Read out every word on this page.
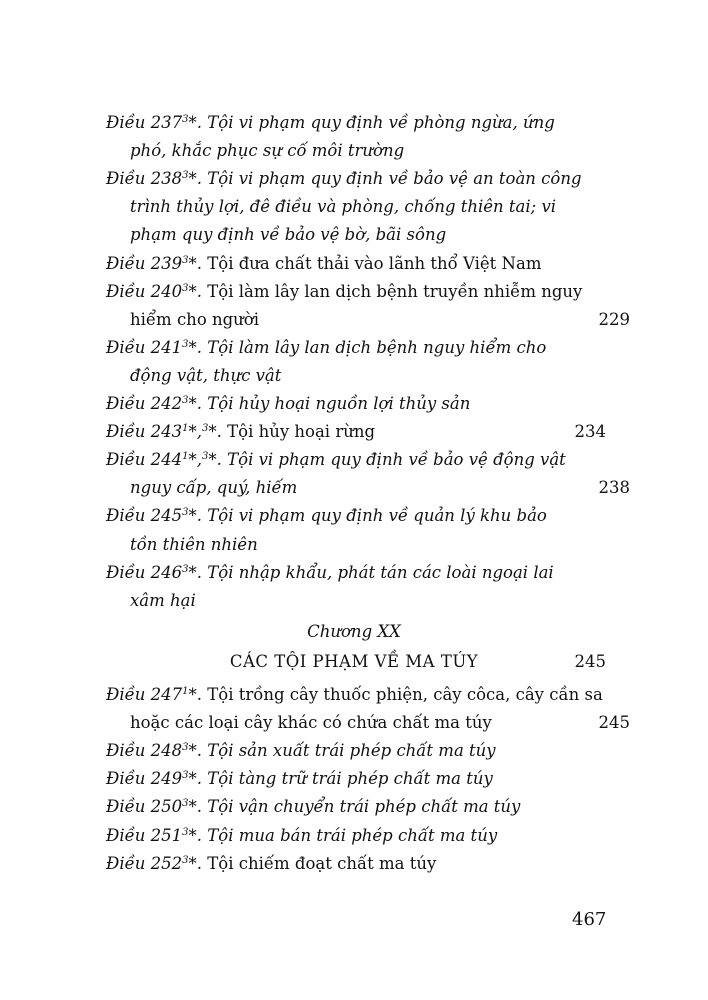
Điều $237^3*$. Tội vi phạm quy định về phòng ngừa, ứng
phó, khắc phục sự cố môi trường
Điều $238^3*$. Tội vi phạm quy định về bảo vệ an toàn công
trình thủy lợi, đê điều và phòng, chống thiên tai; vi
phạm quy định về bảo vệ bờ, bãi sông
Điều $239^3*$. Tội đưa chất thải vào lãnh thổ Việt Nam
Điều $240^3*$. Tội làm lây lan dịch bệnh truyền nhiễm nguy
hiểm cho người	229
Điều $241^3*$. Tội làm lây lan dịch bệnh nguy hiểm cho
động vật, thực vật
Điều $242^3*$. Tội hủy hoại nguồn lợi thủy sản
Điều $243^1*,^3*$. Tội hủy hoại rừng	234
Điều $244^1*,^3*$. Tội vi phạm quy định về bảo vệ động vật
nguy cấp, quý, hiếm	238
Điều $245^3*$. Tội vi phạm quy định về quản lý khu bảo
tồn thiên nhiên
Điều $246^3*$. Tội nhập khẩu, phát tán các loài ngoại lai
xâm hại
Chương XX
CÁC TỘI PHẠM VỀ MA TÚY	245
Điều $247^1*$. Tội trồng cây thuốc phiện, cây côca, cây cần sa
hoặc các loại cây khác có chứa chất ma túy	245
Điều $248^3*$. Tội sản xuất trái phép chất ma túy
Điều $249^3*$. Tội tàng trữ trái phép chất ma túy
Điều $250^3*$. Tội vận chuyển trái phép chất ma túy
Điều $251^3*$. Tội mua bán trái phép chất ma túy
Điều $252^3*$. Tội chiếm đoạt chất ma túy
467
